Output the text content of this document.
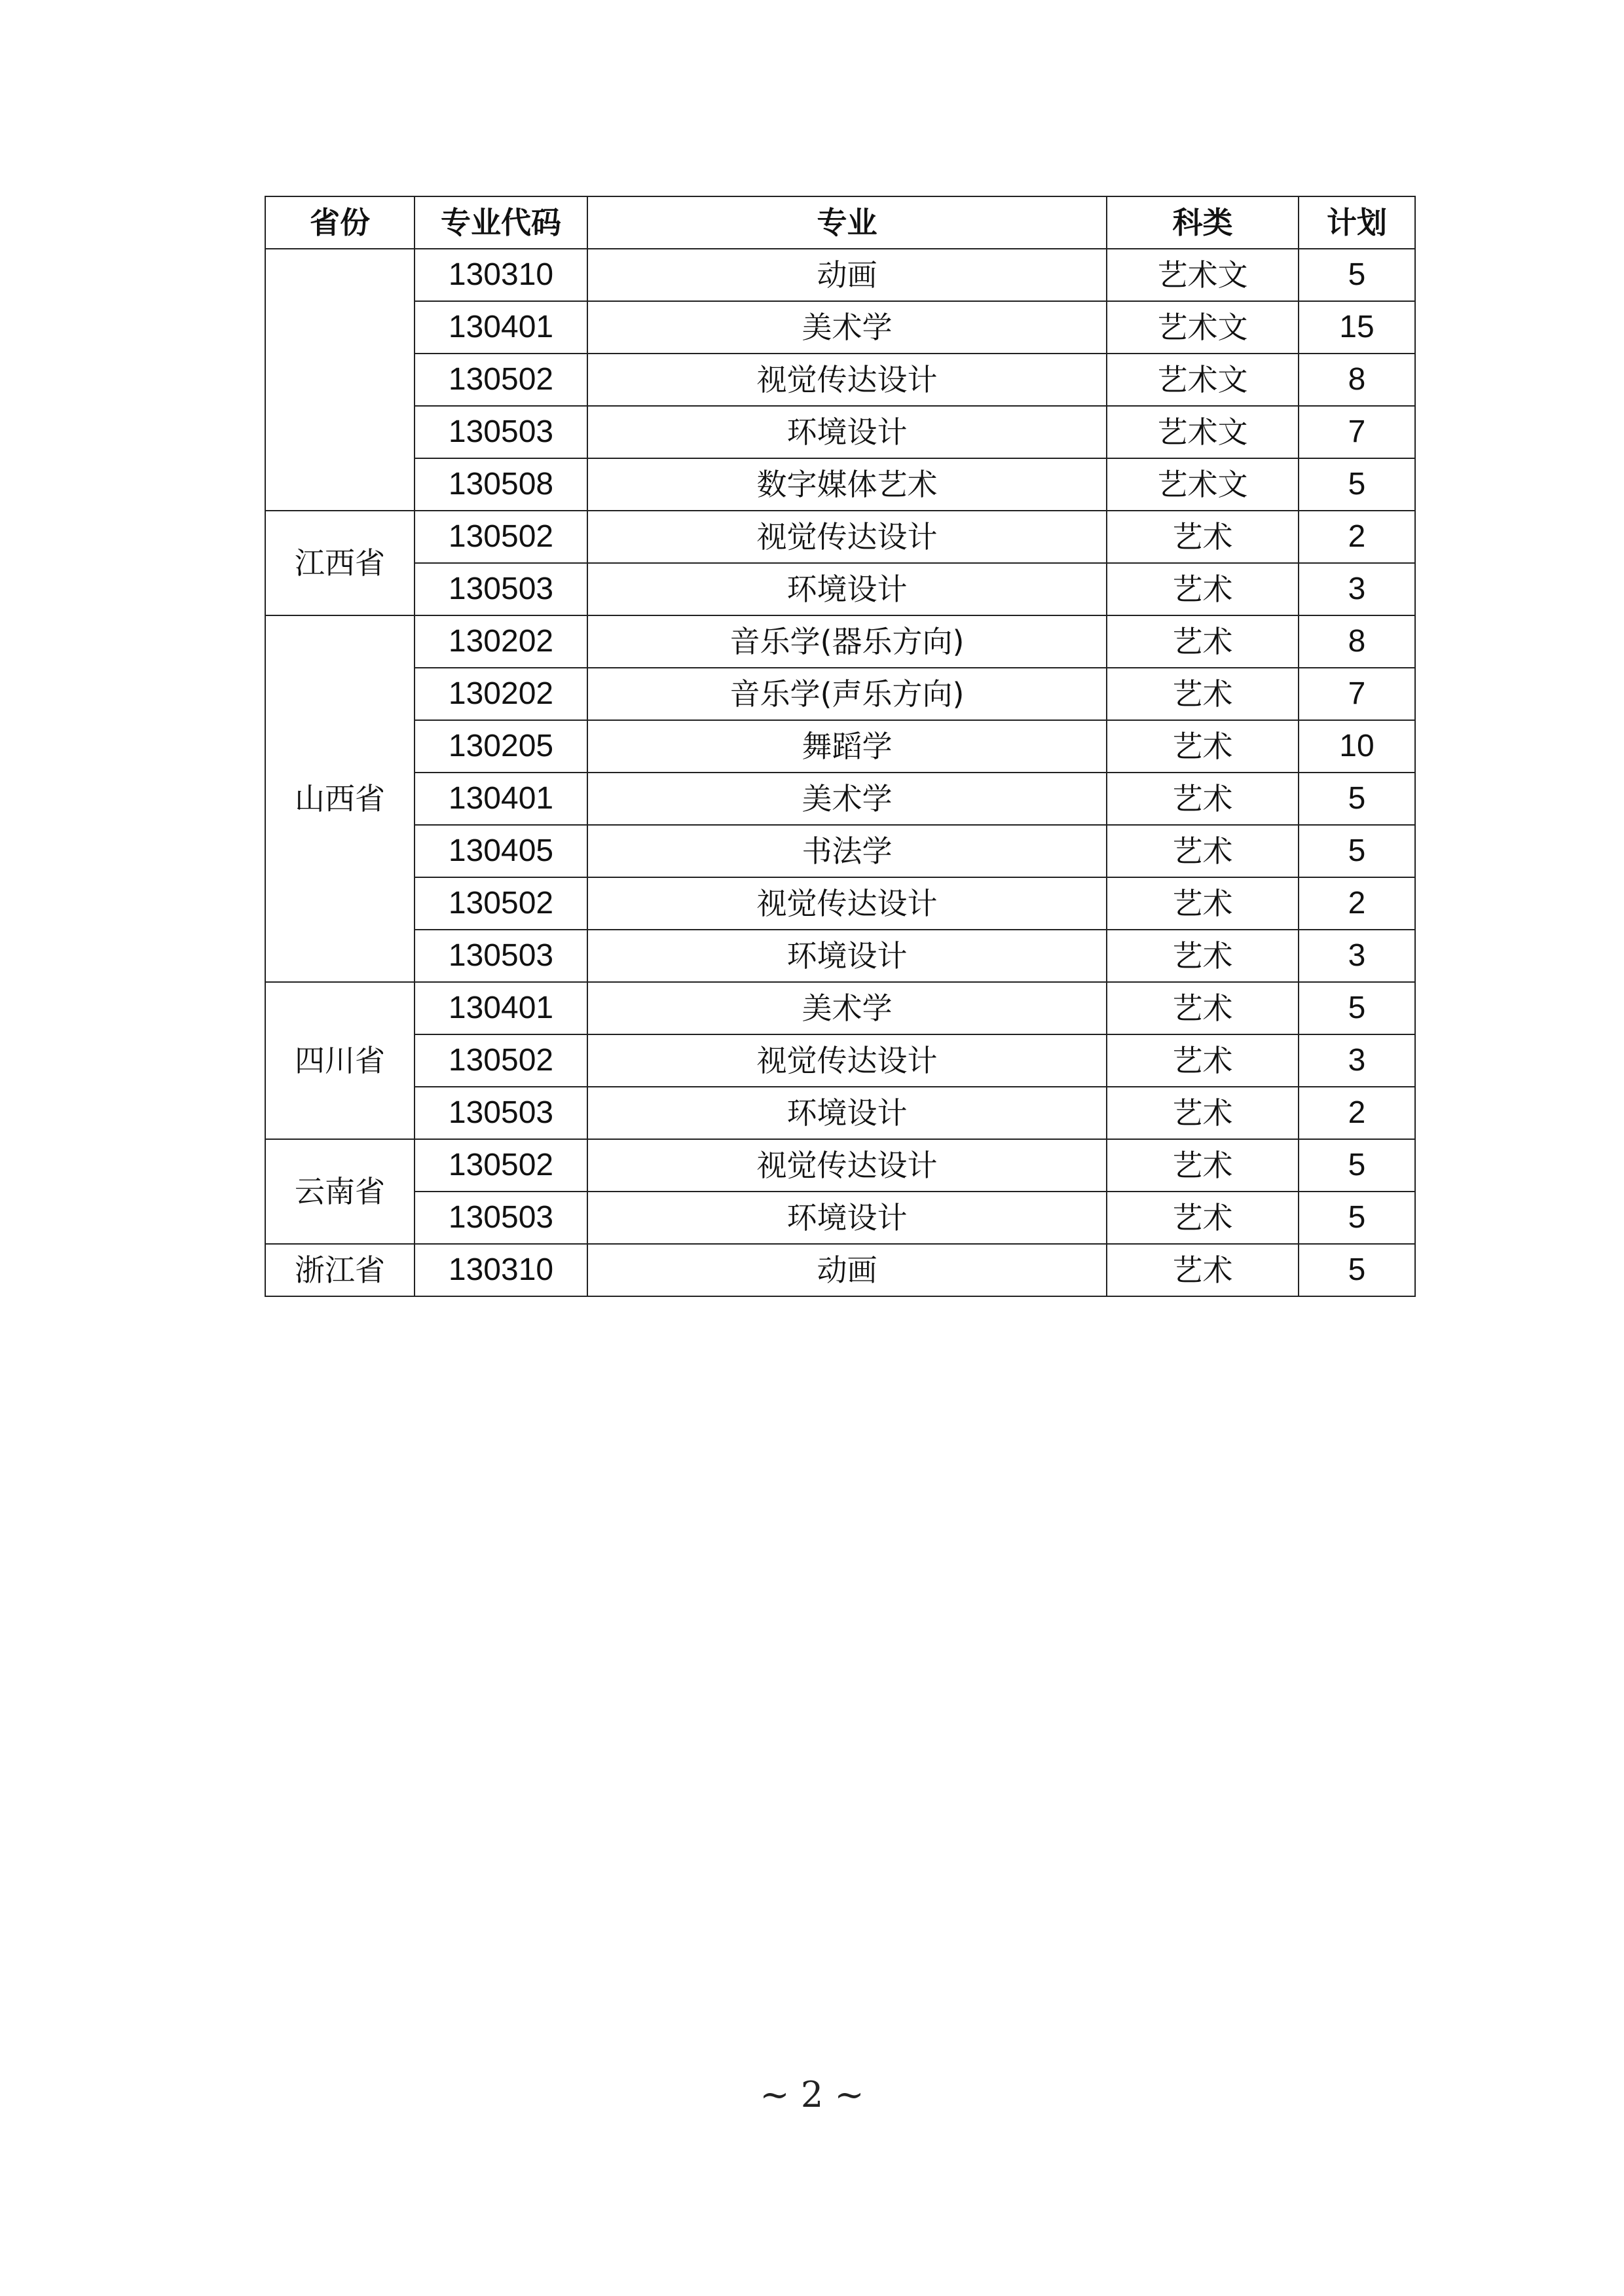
省份	专业代码	专业	科类	计划
	130310	动画	艺术文	5
	130401	美术学	艺术文	15
	130502	视觉传达设计	艺术文	8
	130503	环境设计	艺术文	7
	130508	数字媒体艺术	艺术文	5
江西省	130502	视觉传达设计	艺术	2
	130503	环境设计	艺术	3
山西省	130202	音乐学(器乐方向)	艺术	8
	130202	音乐学(声乐方向)	艺术	7
	130205	舞蹈学	艺术	10
	130401	美术学	艺术	5
	130405	书法学	艺术	5
	130502	视觉传达设计	艺术	2
	130503	环境设计	艺术	3
四川省	130401	美术学	艺术	5
	130502	视觉传达设计	艺术	3
	130503	环境设计	艺术	2
云南省	130502	视觉传达设计	艺术	5
	130503	环境设计	艺术	5
浙江省	130310	动画	艺术	5
~ 2 ~
